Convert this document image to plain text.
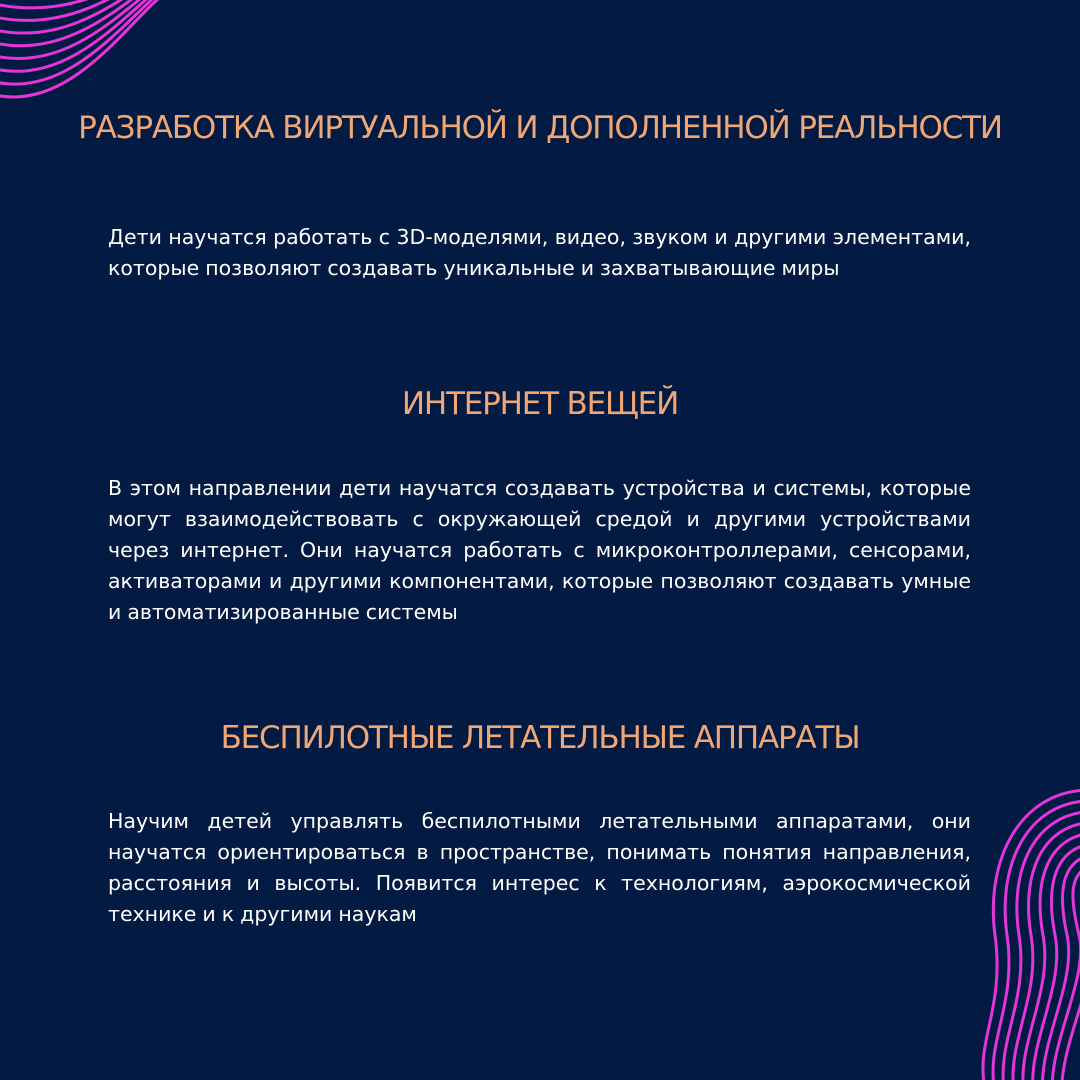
РАЗРАБОТКА ВИРТУАЛЬНОЙ И ДОПОЛНЕННОЙ РЕАЛЬНОСТИ

Дети научатся работать с 3D-моделями, видео, звуком и другими элементами, которые позволяют создавать уникальные и захватывающие миры

ИНТЕРНЕТ ВЕЩЕЙ

В этом направлении дети научатся создавать устройства и системы, которые могут взаимодействовать с окружающей средой и другими устройствами через интернет. Они научатся работать с микроконтроллерами, сенсорами, активаторами и другими компонентами, которые позволяют создавать умные и автоматизированные системы

БЕСПИЛОТНЫЕ ЛЕТАТЕЛЬНЫЕ АППАРАТЫ

Научим детей управлять беспилотными летательными аппаратами, они научатся ориентироваться в пространстве, понимать понятия направления, расстояния и высоты. Появится интерес к технологиям, аэрокосмической технике и к другими наукам
